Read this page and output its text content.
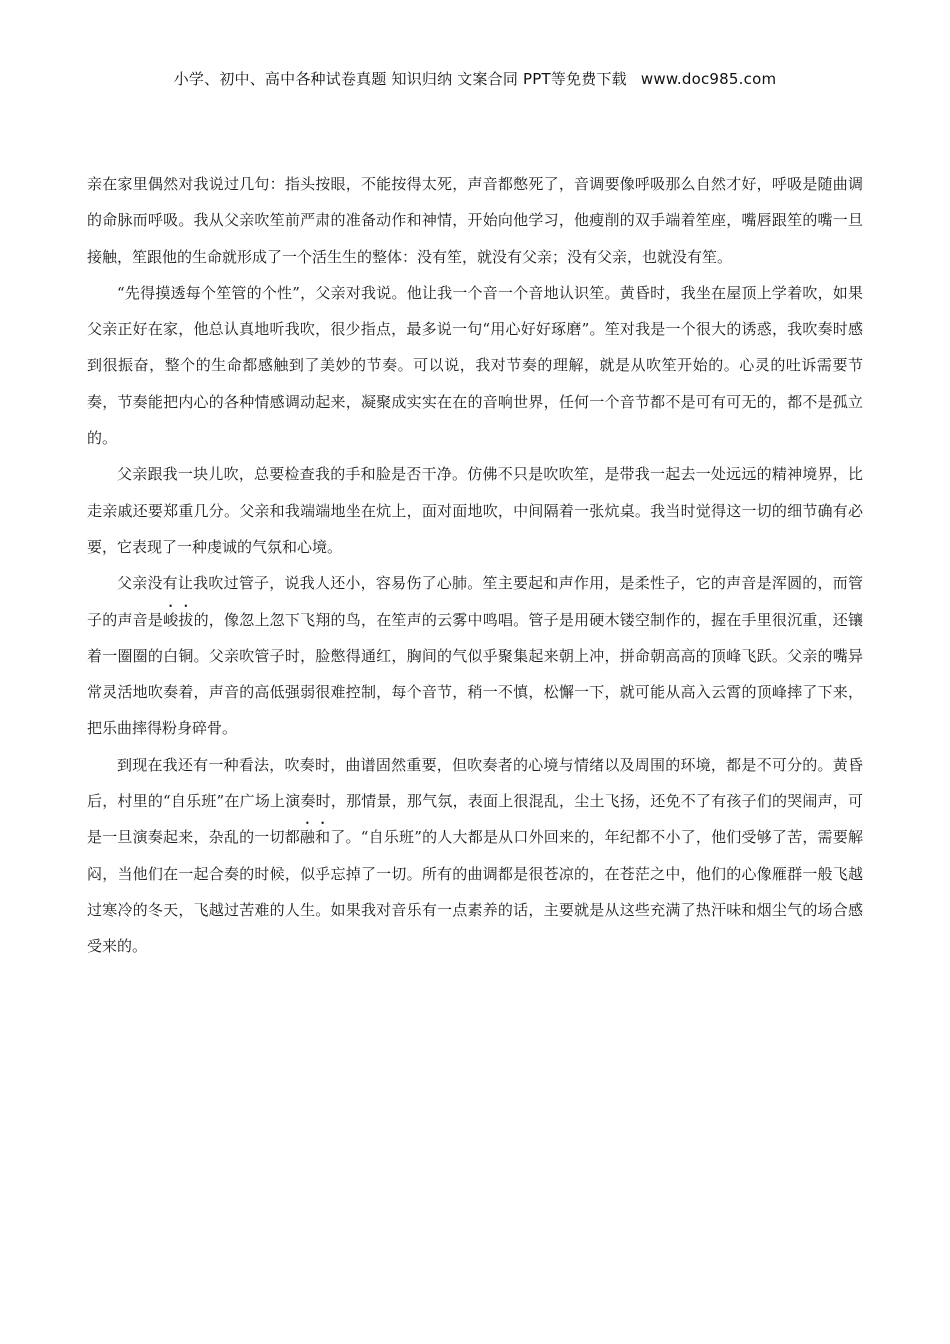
小学、初中、高中各种试卷真题 知识归纳 文案合同 PPT等免费下载 www.doc985.com

亲在家里偶然对我说过几句：指头按眼，不能按得太死，声音都憋死了，音调要像呼吸那么自然才好，呼吸是随曲调的命脉而呼吸。我从父亲吹笙前严肃的准备动作和神情，开始向他学习，他瘦削的双手端着笙座，嘴唇跟笙的嘴一旦接触，笙跟他的生命就形成了一个活生生的整体：没有笙，就没有父亲；没有父亲，也就没有笙。

“先得摸透每个笙管的个性”，父亲对我说。他让我一个音一个音地认识笙。黄昏时，我坐在屋顶上学着吹，如果父亲正好在家，他总认真地听我吹，很少指点，最多说一句“用心好好琢磨”。笙对我是一个很大的诱惑，我吹奏时感到很振奋，整个的生命都感触到了美妙的节奏。可以说，我对节奏的理解，就是从吹笙开始的。心灵的吐诉需要节奏，节奏能把内心的各种情感调动起来，凝聚成实实在在的音响世界，任何一个音节都不是可有可无的，都不是孤立的。

父亲跟我一块儿吹，总要检查我的手和脸是否干净。仿佛不只是吹吹笙，是带我一起去一处远远的精神境界，比走亲戚还要郑重几分。父亲和我端端地坐在炕上，面对面地吹，中间隔着一张炕桌。我当时觉得这一切的细节确有必要，它表现了一种虔诚的气氛和心境。

父亲没有让我吹过管子，说我人还小，容易伤了心肺。笙主要起和声作用，是柔性子，它的声音是浑圆的，而管子的声音是峻拔的，像忽上忽下飞翔的鸟，在笙声的云雾中鸣唱。管子是用硬木镂空制作的，握在手里很沉重，还镶着一圈圈的白铜。父亲吹管子时，脸憋得通红，胸间的气似乎聚集起来朝上冲，拼命朝高高的顶峰飞跃。父亲的嘴异常灵活地吹奏着，声音的高低强弱很难控制，每个音节，稍一不慎，松懈一下，就可能从高入云霄的顶峰摔了下来，把乐曲摔得粉身碎骨。

到现在我还有一种看法，吹奏时，曲谱固然重要，但吹奏者的心境与情绪以及周围的环境，都是不可分的。黄昏后，村里的“自乐班”在广场上演奏时，那情景，那气氛，表面上很混乱，尘土飞扬，还免不了有孩子们的哭闹声，可是一旦演奏起来，杂乱的一切都融和了。“自乐班”的人大都是从口外回来的，年纪都不小了，他们受够了苦，需要解闷，当他们在一起合奏的时候，似乎忘掉了一切。所有的曲调都是很苍凉的，在苍茫之中，他们的心像雁群一般飞越过寒冷的冬天，飞越过苦难的人生。如果我对音乐有一点素养的话，主要就是从这些充满了热汗味和烟尘气的场合感受来的。
